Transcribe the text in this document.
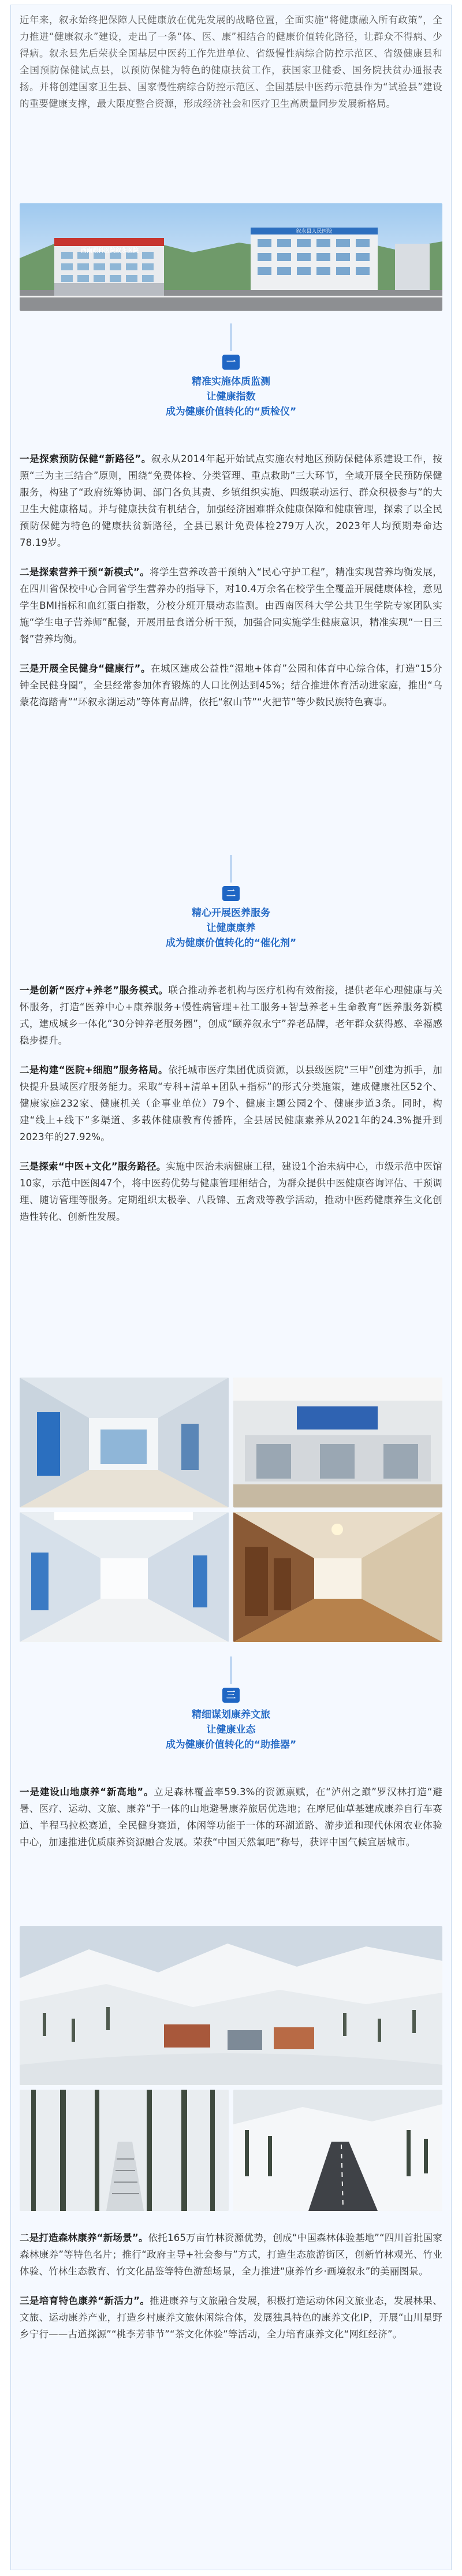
近年来，叙永始终把保障人民健康放在优先发展的战略位置，全面实施“将健康融入所有政策”，全力推进“健康叙永”建设，走出了一条“体、医、康”相结合的健康价值转化路径，让群众不得病、少得病。叙永县先后荣获全国基层中医药工作先进单位、省级慢性病综合防控示范区、省级健康县和全国预防保健试点县，以预防保健为特色的健康扶贫工作，获国家卫健委、国务院扶贫办通报表扬。并将创建国家卫生县、国家慢性病综合防控示范区、全国基层中医药示范县作为“试验县”建设的重要健康支撑，最大限度整合资源，形成经济社会和医疗卫生高质量同步发展新格局。

西南眼科医院叙永医院
叙永县人民医院
一
精准实施体质监测
让健康指数
成为健康价值转化的“质检仪”

一是探索预防保健“新路径”。叙永从2014年起开始试点实施农村地区预防保健体系建设工作，按照“三为主三结合”原则，围绕“免费体检、分类管理、重点救助”三大环节，全域开展全民预防保健服务，构建了“政府统筹协调、部门各负其责、乡镇组织实施、四级联动运行、群众积极参与”的大卫生大健康格局。并与健康扶贫有机结合，加强经济困难群众健康保障和健康管理，探索了以全民预防保健为特色的健康扶贫新路径，全县已累计免费体检279万人次，2023年人均预期寿命达78.19岁。

二是探索营养干预“新模式”。将学生营养改善干预纳入“民心守护工程”，精准实现营养均衡发展，在四川省保校中心合同省学生营养办的指导下，对10.4万余名在校学生全覆盖开展健康体检，意见学生BMI指标和血红蛋白指数，分校分班开展动态监测。由西南医科大学公共卫生学院专家团队实施“学生电子营养师”配餐，开展用量食谱分析干预，加强合同实施学生健康意识，精准实现“一日三餐”营养均衡。

三是开展全民健身“健康行”。在城区建成公益性“湿地+体育”公园和体育中心综合体，打造“15分钟全民健身圈”，全县经常参加体育锻炼的人口比例达到45%；结合推进体育活动进家庭，推出“乌蒙花海踏青”“环叙永湖运动”等体育品牌，依托“叙山节”“火把节”等少数民族特色赛事。

二
精心开展医养服务
让健康康养
成为健康价值转化的“催化剂”

一是创新“医疗+养老”服务模式。联合推动养老机构与医疗机构有效衔接，提供老年心理健康与关怀服务，打造“医养中心+康养服务+慢性病管理+社工服务+智慧养老+生命教育”医养服务新模式，建成城乡一体化“30分钟养老服务圈”，创成“颐养叙永宁”养老品牌，老年群众获得感、幸福感稳步提升。

二是构建“医院+细胞”服务格局。依托城市医疗集团优质资源，以县级医院“三甲”创建为抓手，加快提升县域医疗服务能力。采取“专科+清单+团队+指标”的形式分类施策，建成健康社区52个、健康家庭232家、健康机关（企事业单位）79个、健康主题公园2个、健康步道3条。同时，构建“线上+线下”多渠道、多载体健康教育传播阵，全县居民健康素养从2021年的24.3%提升到2023年的27.92%。

三是探索“中医+文化”服务路径。实施中医治未病健康工程，建设1个治未病中心，市级示范中医馆10家，示范中医阁47个，将中医药优势与健康管理相结合，为群众提供中医健康咨询评估、干预调理、随访管理等服务。定期组织太极拳、八段锦、五禽戏等教学活动，推动中医药健康养生文化创造性转化、创新性发展。

三
精细谋划康养文旅
让健康业态
成为健康价值转化的“助推器”

一是建设山地康养“新高地”。立足森林覆盖率59.3%的资源禀赋，在“泸州之巅”罗汉林打造“避暑、医疗、运动、文旅、康养”于一体的山地避暑康养旅居优选地；在摩尼仙草基建成康养自行车赛道、半程马拉松赛道，全民健身赛道，体闲等功能于一体的环湖道路、游步道和现代休闲农业体验中心，加速推进优质康养资源融合发展。荣获“中国天然氧吧”称号，获评中国气候宜居城市。

二是打造森林康养“新场景”。依托165万亩竹林资源优势，创成“中国森林体验基地”“四川首批国家森林康养”等特色名片；推行“政府主导+社会参与”方式，打造生态旅游街区，创新竹林观光、竹业体验、竹林生态教育、竹文化品鉴等特色游憩场景，全力推进“康养竹乡·画境叙永”的美丽图景。

三是培育特色康养“新活力”。推进康养与文旅融合发展，积极打造运动休闲文旅业态，发展林果、文旅、运动康养产业，打造乡村康养文旅休闲综合体，发展独具特色的康养文化IP，开展“山川星野乡宁行——古道探源”“桃李芳菲节”“茶文化体验”等活动，全力培育康养文化“网红经济”。
